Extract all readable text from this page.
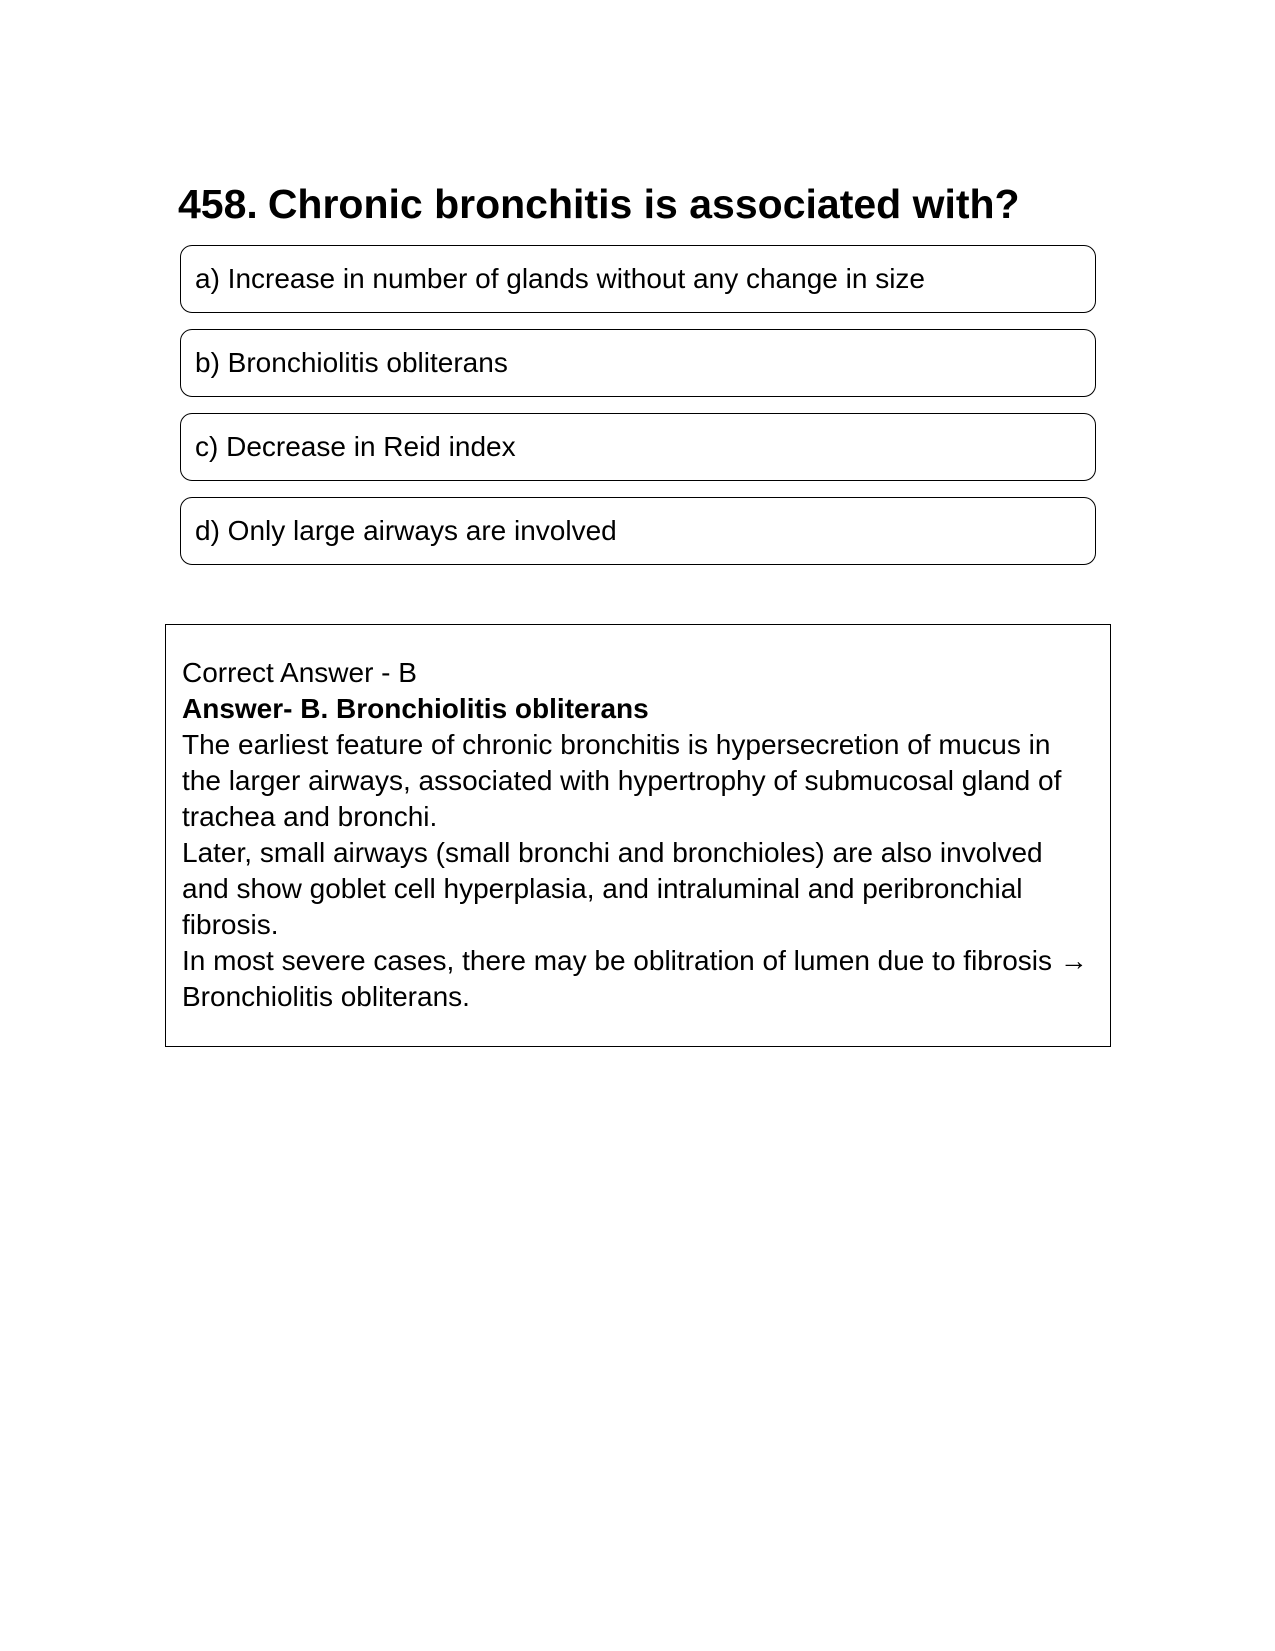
458. Chronic bronchitis is associated with?
a) Increase in number of glands without any change in size
b) Bronchiolitis obliterans
c) Decrease in Reid index
d) Only large airways are involved
Correct Answer - B
Answer- B. Bronchiolitis obliterans
The earliest feature of chronic bronchitis is hypersecretion of mucus in the larger airways, associated with hypertrophy of submucosal gland of trachea and bronchi.
Later, small airways (small bronchi and bronchioles) are also involved and show goblet cell hyperplasia, and intraluminal and peribronchial fibrosis.
In most severe cases, there may be oblitration of lumen due to fibrosis → Bronchiolitis obliterans.
